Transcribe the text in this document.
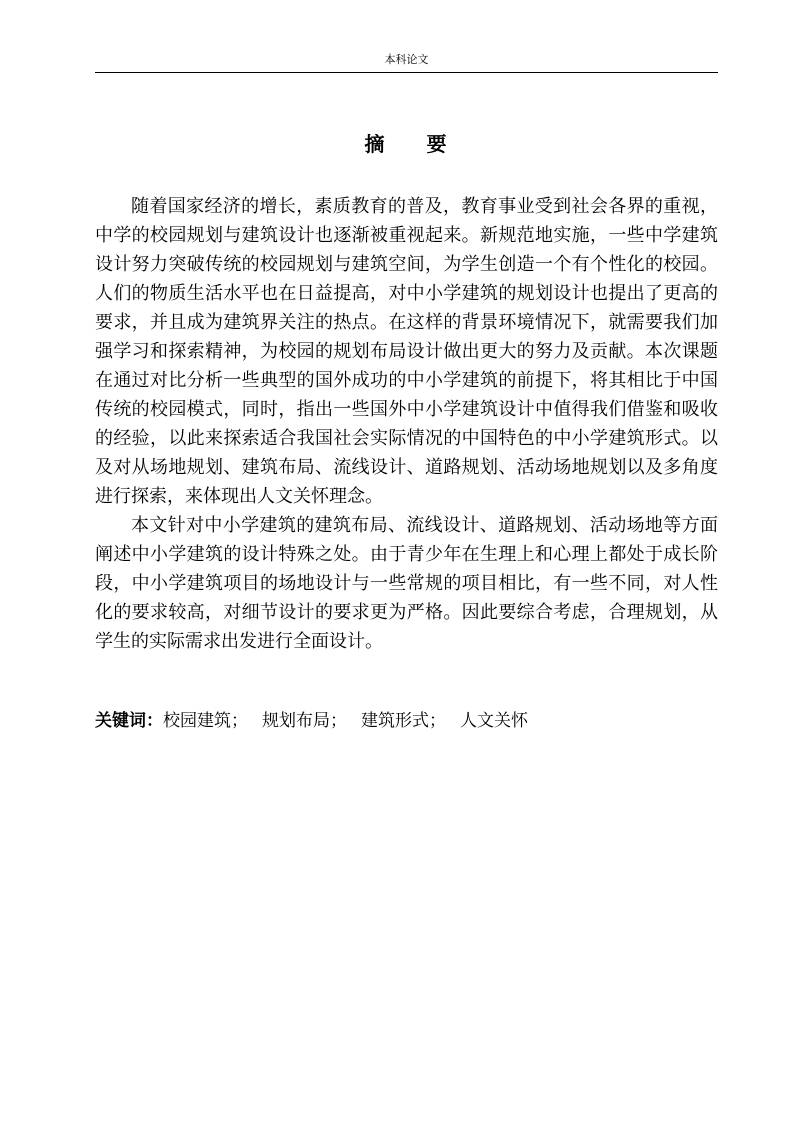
本科论文
摘 要

随着国家经济的增长，素质教育的普及，教育事业受到社会各界的重视，中学的校园规划与建筑设计也逐渐被重视起来。新规范地实施，一些中学建筑设计努力突破传统的校园规划与建筑空间，为学生创造一个有个性化的校园。人们的物质生活水平也在日益提高，对中小学建筑的规划设计也提出了更高的要求，并且成为建筑界关注的热点。在这样的背景环境情况下，就需要我们加强学习和探索精神，为校园的规划布局设计做出更大的努力及贡献。本次课题在通过对比分析一些典型的国外成功的中小学建筑的前提下，将其相比于中国传统的校园模式，同时，指出一些国外中小学建筑设计中值得我们借鉴和吸收的经验，以此来探索适合我国社会实际情况的中国特色的中小学建筑形式。以及对从场地规划、建筑布局、流线设计、道路规划、活动场地规划以及多角度进行探索，来体现出人文关怀理念。

本文针对中小学建筑的建筑布局、流线设计、道路规划、活动场地等方面阐述中小学建筑的设计特殊之处。由于青少年在生理上和心理上都处于成长阶段，中小学建筑项目的场地设计与一些常规的项目相比，有一些不同，对人性化的要求较高，对细节设计的要求更为严格。因此要综合考虑，合理规划，从学生的实际需求出发进行全面设计。

关键词：校园建筑； 规划布局； 建筑形式； 人文关怀
